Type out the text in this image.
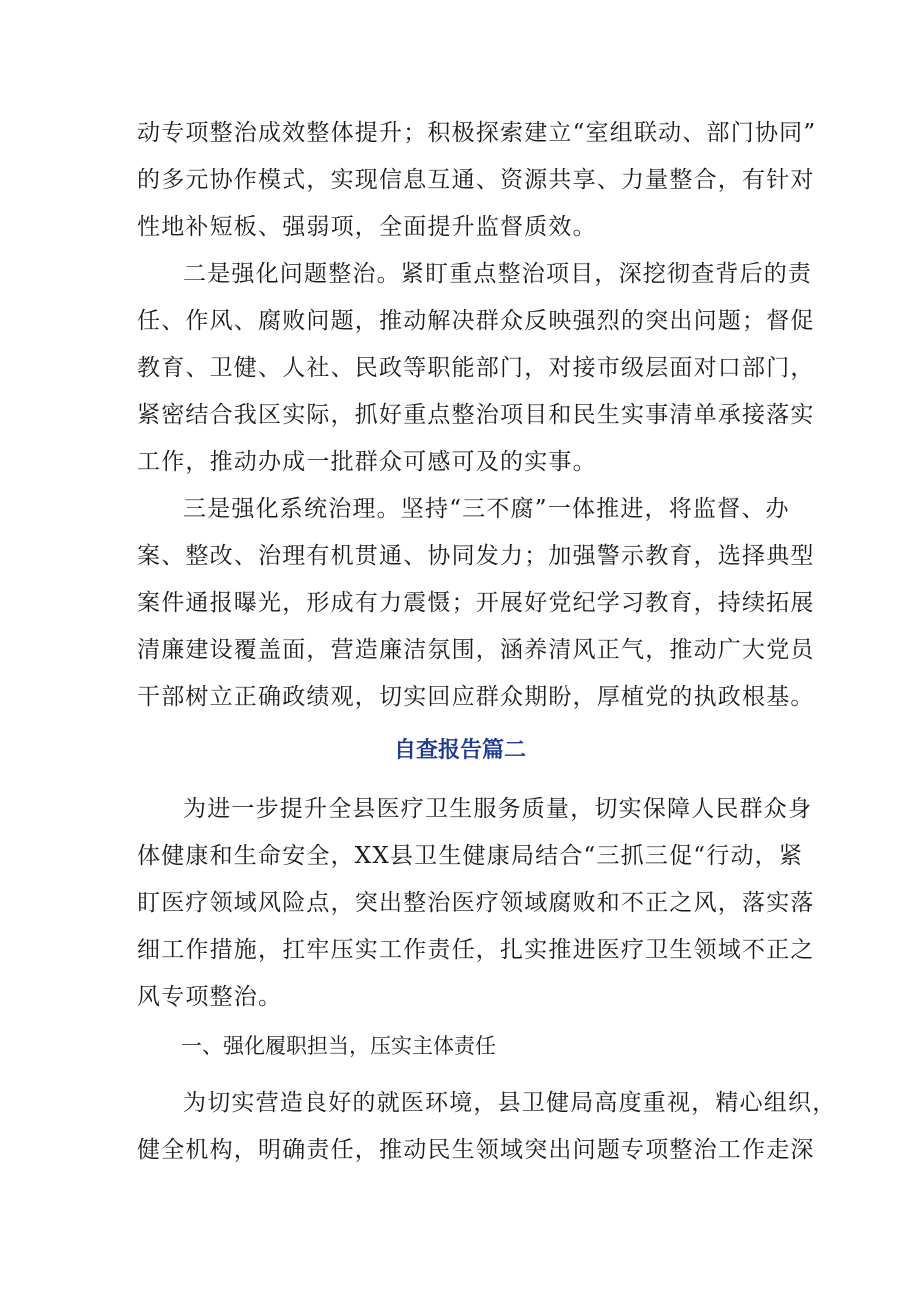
动专项整治成效整体提升；积极探索建立“室组联动、部门协同”
的多元协作模式，实现信息互通、资源共享、力量整合，有针对
性地补短板、强弱项，全面提升监督质效。

二是强化问题整治。紧盯重点整治项目，深挖彻查背后的责
任、作风、腐败问题，推动解决群众反映强烈的突出问题；督促
教育、卫健、人社、民政等职能部门，对接市级层面对口部门，
紧密结合我区实际，抓好重点整治项目和民生实事清单承接落实
工作，推动办成一批群众可感可及的实事。

三是强化系统治理。坚持“三不腐”一体推进，将监督、办
案、整改、治理有机贯通、协同发力；加强警示教育，选择典型
案件通报曝光，形成有力震慑；开展好党纪学习教育，持续拓展
清廉建设覆盖面，营造廉洁氛围，涵养清风正气，推动广大党员
干部树立正确政绩观，切实回应群众期盼，厚植党的执政根基。

自查报告篇二

为进一步提升全县医疗卫生服务质量，切实保障人民群众身
体健康和生命安全，XX县卫生健康局结合“三抓三促“行动，紧
盯医疗领域风险点，突出整治医疗领域腐败和不正之风，落实落
细工作措施，扛牢压实工作责任，扎实推进医疗卫生领域不正之
风专项整治。

一、强化履职担当，压实主体责任

为切实营造良好的就医环境，县卫健局高度重视，精心组织，
健全机构，明确责任，推动民生领域突出问题专项整治工作走深
